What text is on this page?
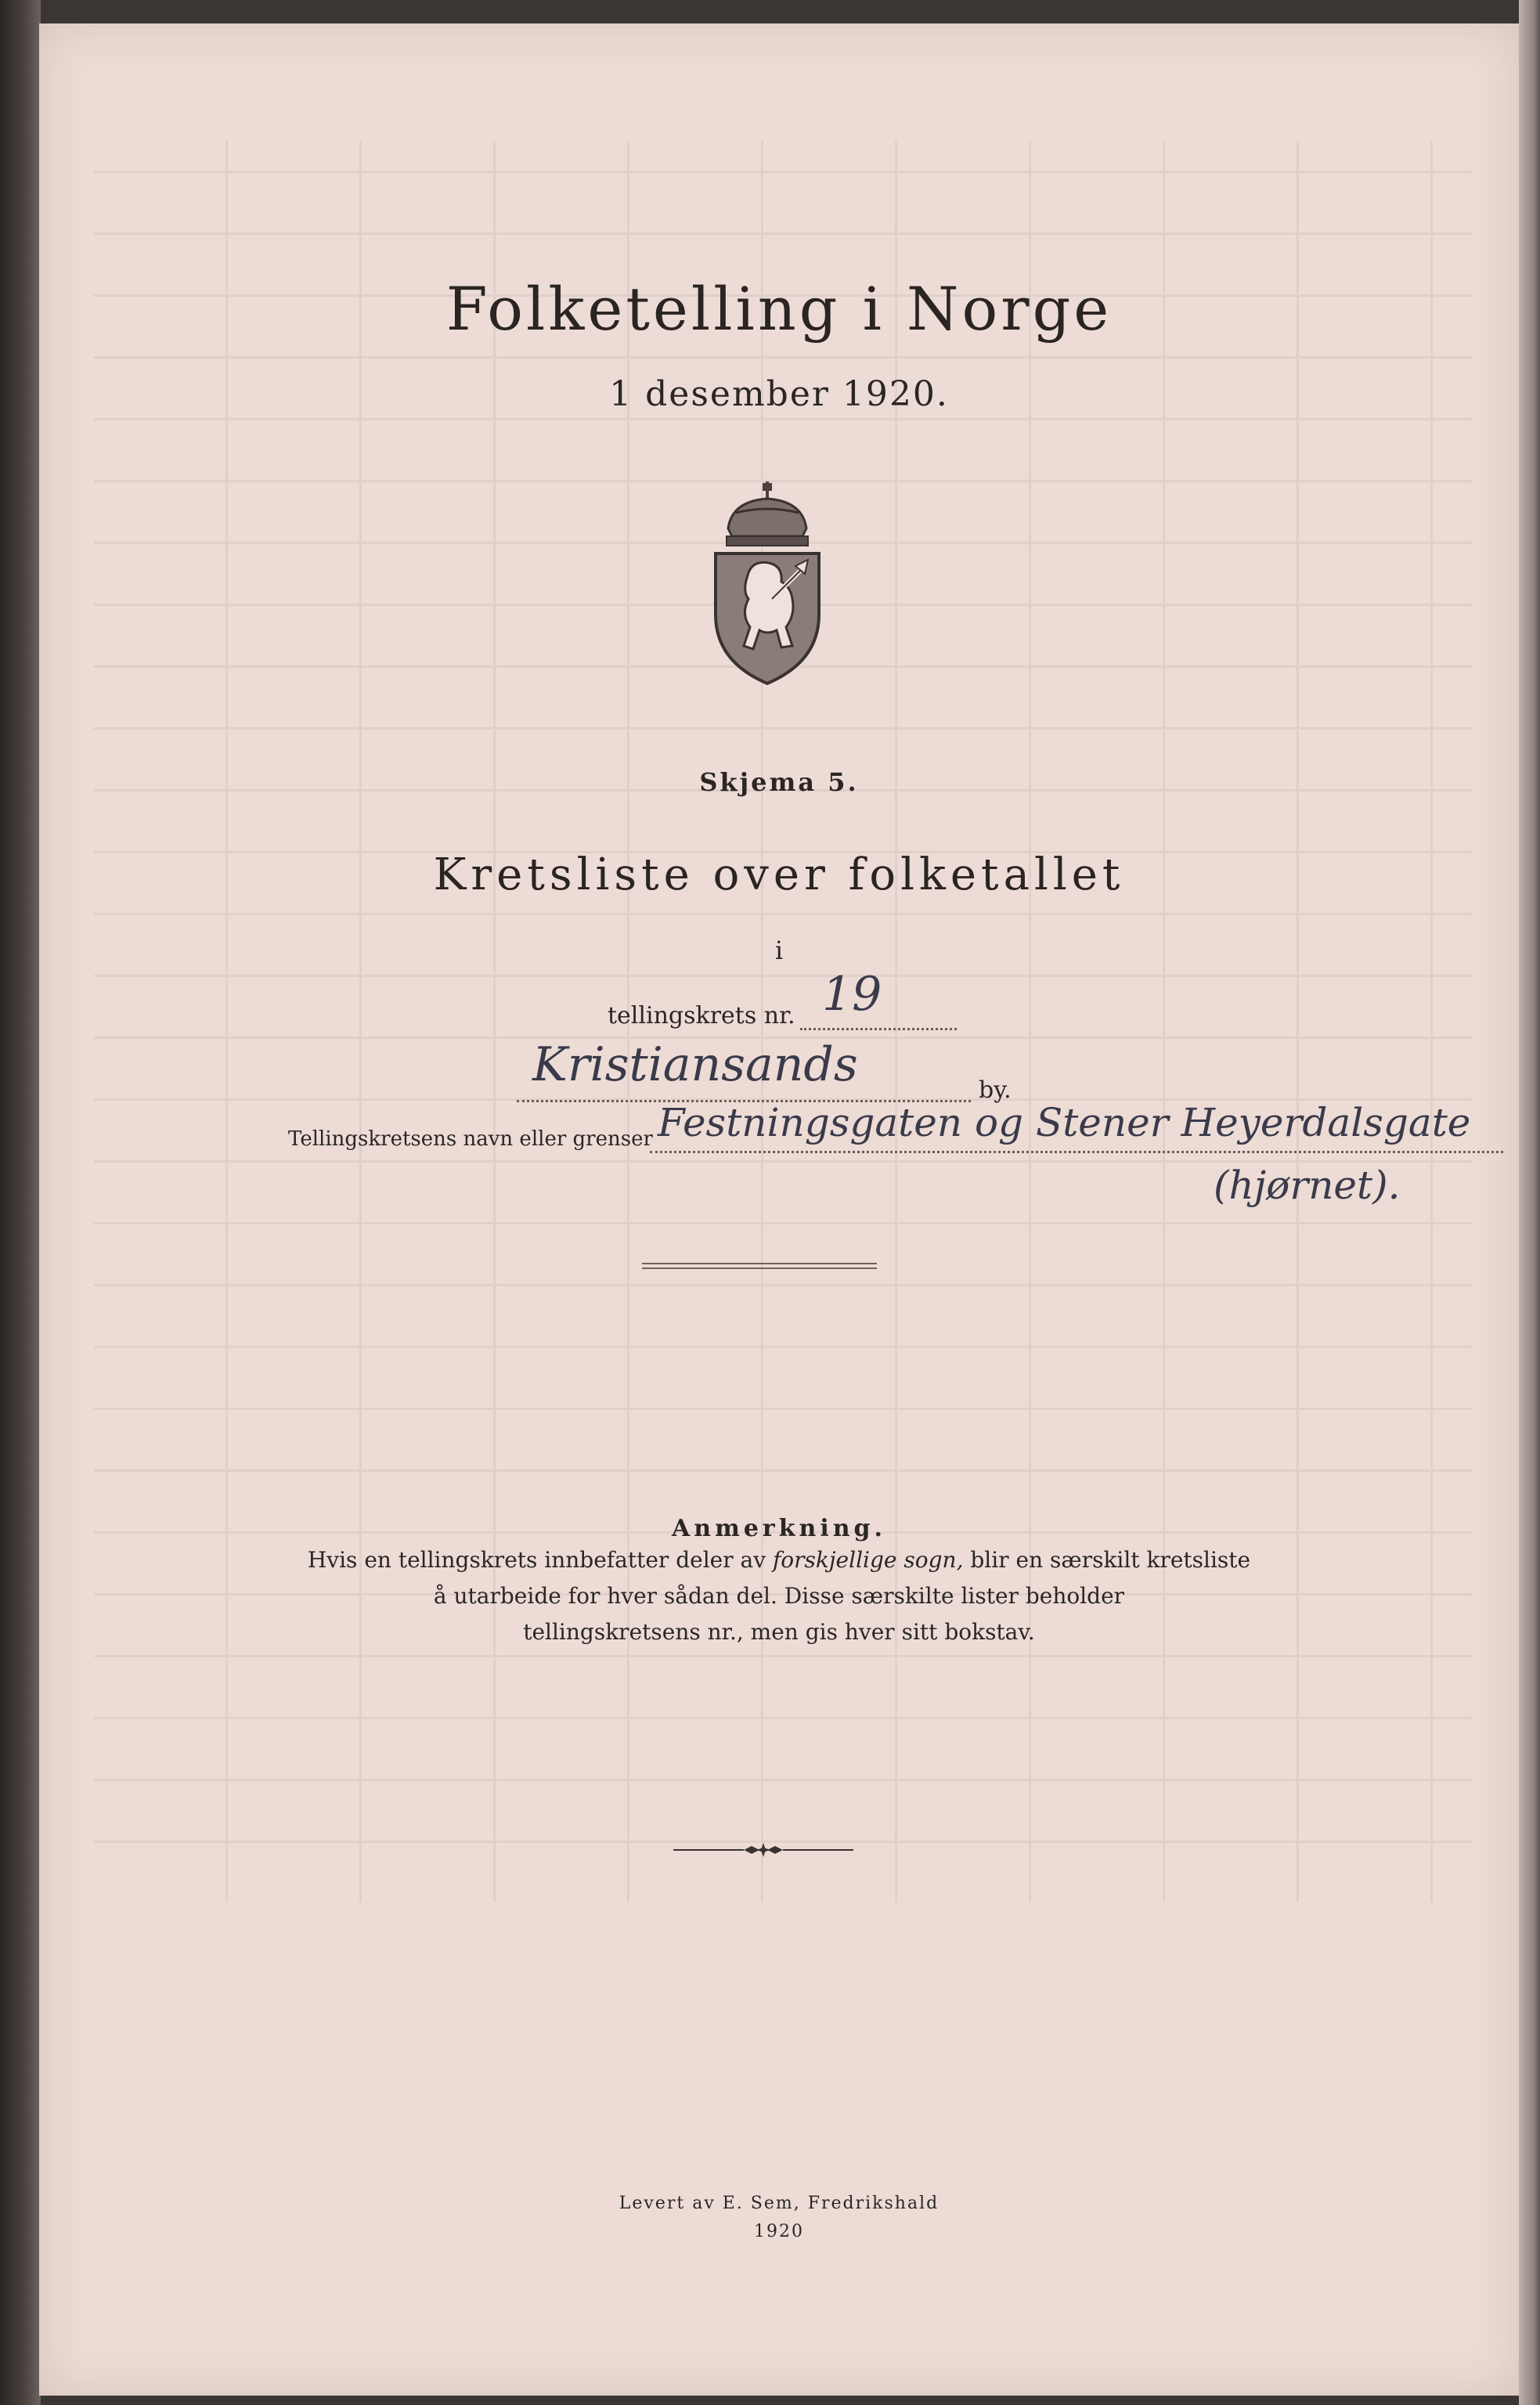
Folketelling i Norge
1 desember 1920.
Skjema 5.
Kretsliste over folketallet
i
tellingskrets nr. 19
Kristiansands	by.
Tellingskretsens navn eller grenser Festningsgaten og Stener Heyerdalsgate
(hjørnet).
Anmerkning.
Hvis en tellingskrets innbefatter deler av forskjellige sogn, blir en særskilt kretsliste
å utarbeide for hver sådan del. Disse særskilte lister beholder
tellingskretsens nr., men gis hver sitt bokstav.
Levert av E. Sem, Fredrikshald
1920
